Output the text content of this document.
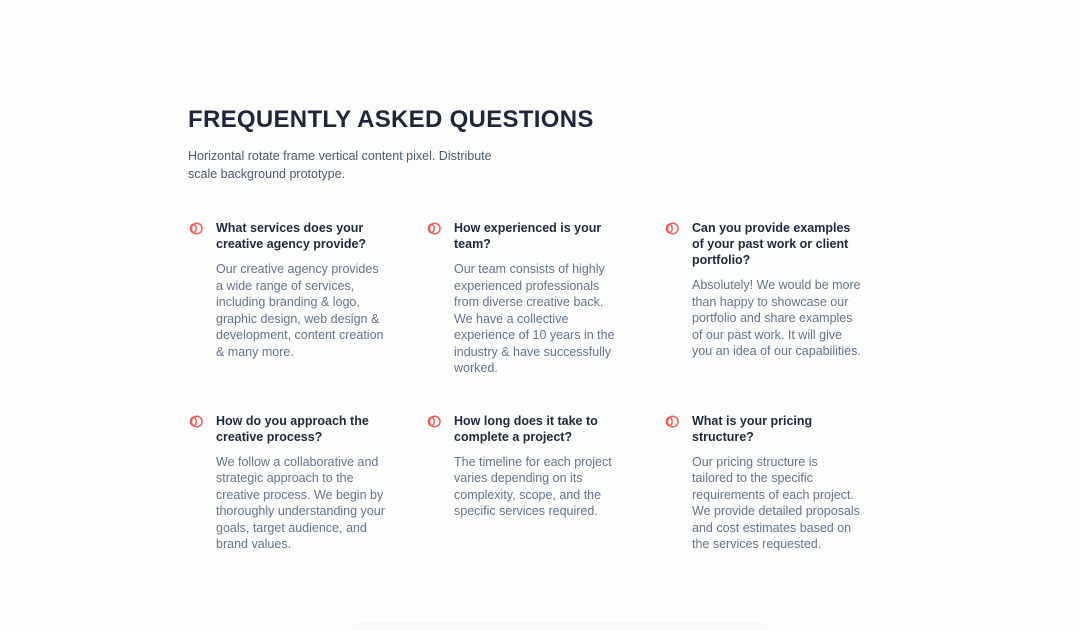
FREQUENTLY ASKED QUESTIONS
Horizontal rotate frame vertical content pixel. Distribute
scale background prototype.
What services does your creative agency provide?
Our creative agency provides a wide range of services, including branding & logo, graphic design, web design & development, content creation & many more.
How experienced is your team?
Our team consists of highly experienced professionals from diverse creative back. We have a collective experience of 10 years in the industry & have successfully worked.
Can you provide examples of your past work or client portfolio?
Absolutely! We would be more than happy to showcase our portfolio and share examples of our past work. It will give you an idea of our capabilities.
How do you approach the creative process?
We follow a collaborative and strategic approach to the creative process. We begin by thoroughly understanding your goals, target audience, and brand values.
How long does it take to complete a project?
The timeline for each project varies depending on its complexity, scope, and the specific services required.
What is your pricing structure?
Our pricing structure is tailored to the specific requirements of each project. We provide detailed proposals and cost estimates based on the services requested.
